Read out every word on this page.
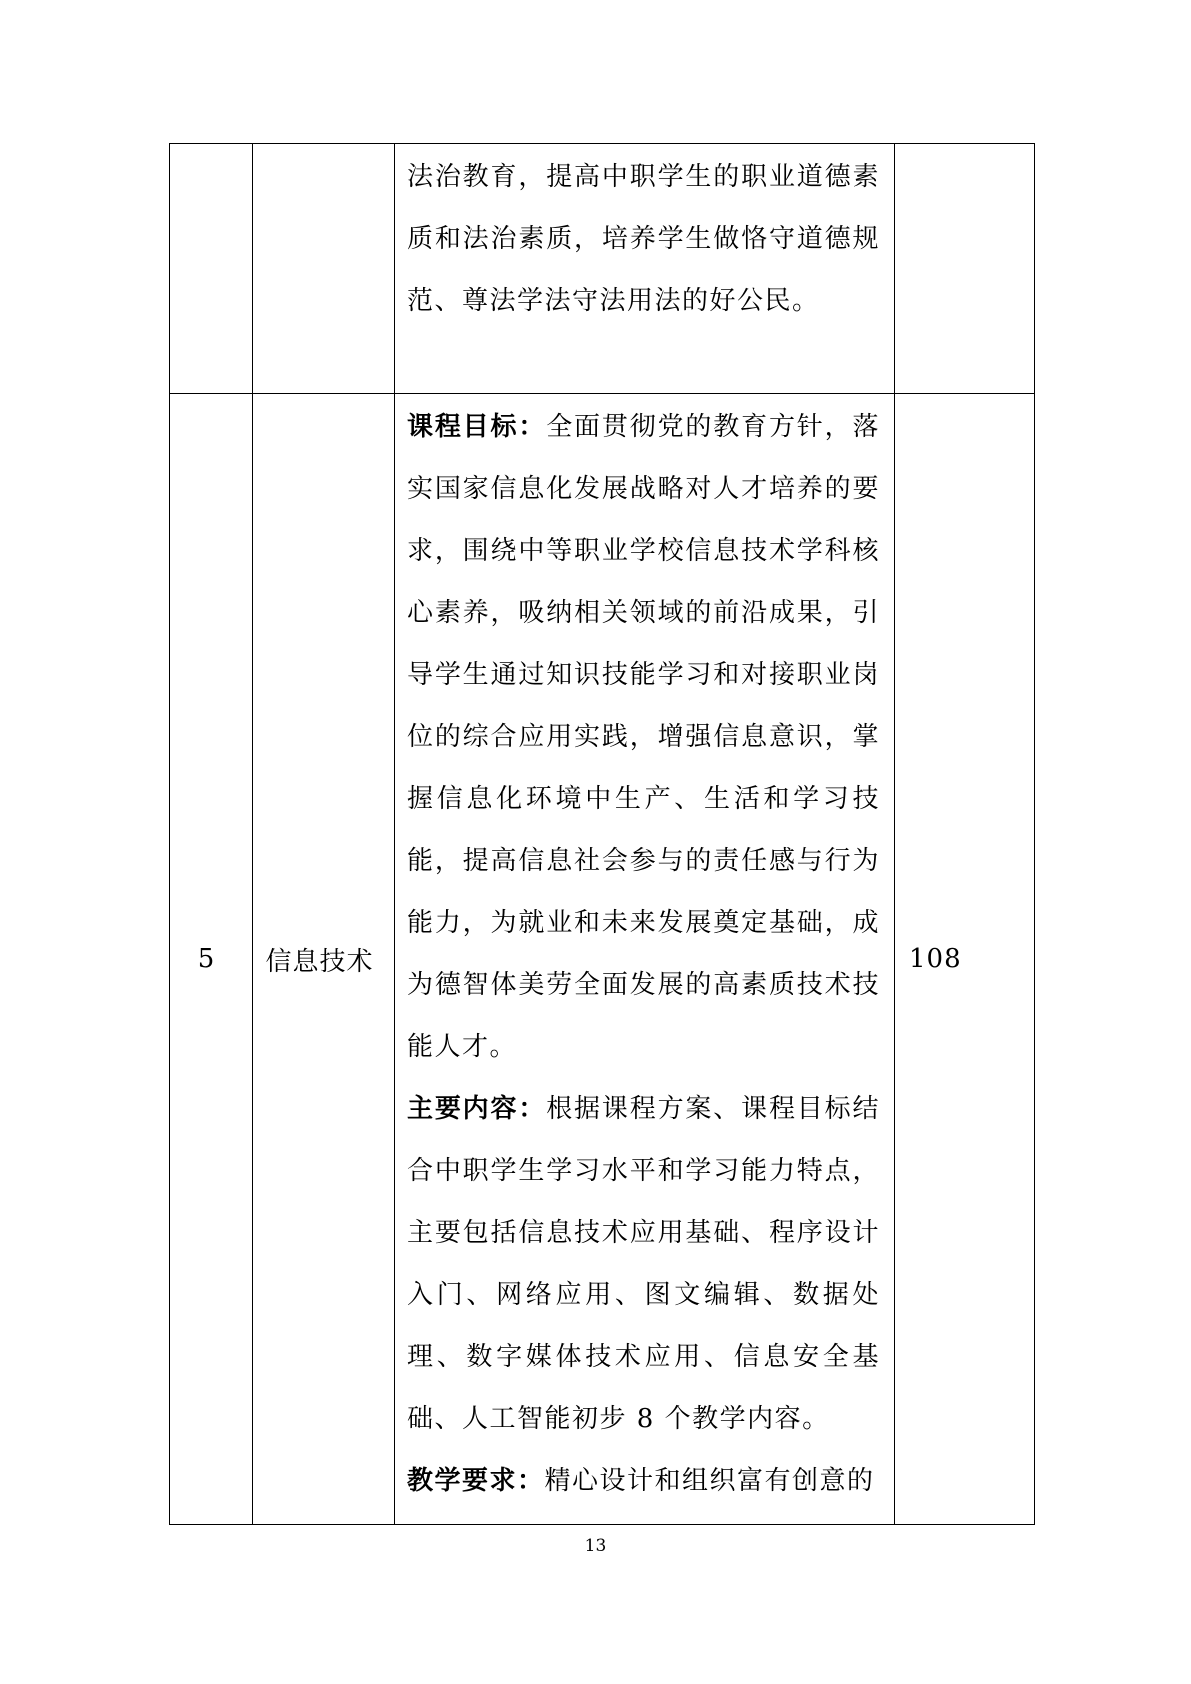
		法治教育，提高中职学生的职业道德素质和法治素质，培养学生做恪守道德规范、尊法学法守法用法的好公民。	
5	信息技术	课程目标：全面贯彻党的教育方针，落实国家信息化发展战略对人才培养的要求，围绕中等职业学校信息技术学科核心素养，吸纳相关领域的前沿成果，引导学生通过知识技能学习和对接职业岗位的综合应用实践，增强信息意识，掌握信息化环境中生产、生活和学习技能，提高信息社会参与的责任感与行为能力，为就业和未来发展奠定基础，成为德智体美劳全面发展的高素质技术技能人才。
主要内容：根据课程方案、课程目标结合中职学生学习水平和学习能力特点，主要包括信息技术应用基础、程序设计入门、网络应用、图文编辑、数据处理、数字媒体技术应用、信息安全基础、人工智能初步 8 个教学内容。
教学要求：精心设计和组织富有创意的	108
13
